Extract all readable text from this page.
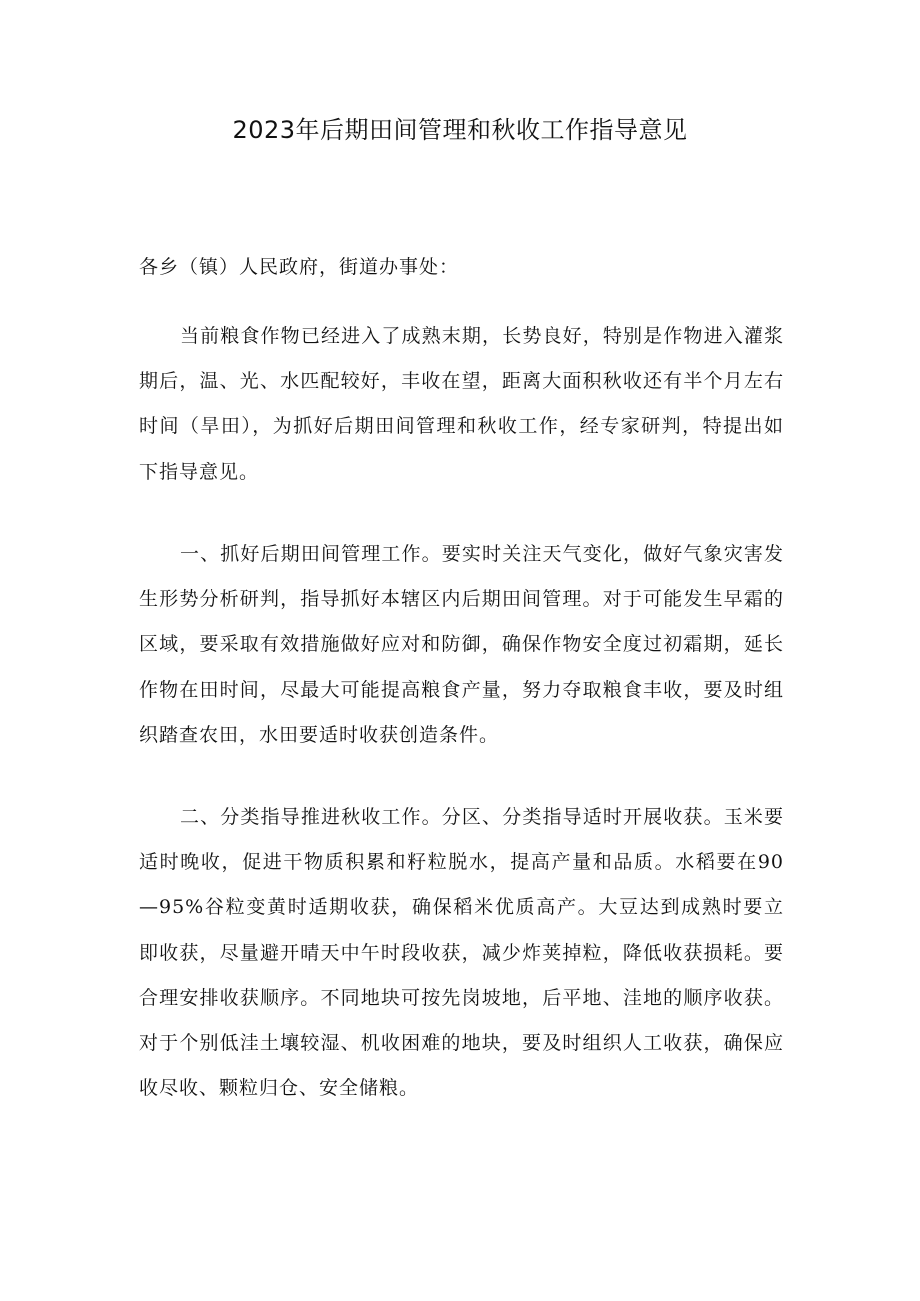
2023年后期田间管理和秋收工作指导意见
各乡（镇）人民政府，街道办事处：

当前粮食作物已经进入了成熟末期，长势良好，特别是作物进入灌浆期后，温、光、水匹配较好，丰收在望，距离大面积秋收还有半个月左右时间（旱田），为抓好后期田间管理和秋收工作，经专家研判，特提出如下指导意见。

一、抓好后期田间管理工作。要实时关注天气变化，做好气象灾害发生形势分析研判，指导抓好本辖区内后期田间管理。对于可能发生早霜的区域，要采取有效措施做好应对和防御，确保作物安全度过初霜期，延长作物在田时间，尽最大可能提高粮食产量，努力夺取粮食丰收，要及时组织踏查农田，水田要适时收获创造条件。

二、分类指导推进秋收工作。分区、分类指导适时开展收获。玉米要适时晚收，促进干物质积累和籽粒脱水，提高产量和品质。水稻要在90—95%谷粒变黄时适期收获，确保稻米优质高产。大豆达到成熟时要立即收获，尽量避开晴天中午时段收获，减少炸荚掉粒，降低收获损耗。要合理安排收获顺序。不同地块可按先岗坡地，后平地、洼地的顺序收获。对于个别低洼土壤较湿、机收困难的地块，要及时组织人工收获，确保应收尽收、颗粒归仓、安全储粮。
